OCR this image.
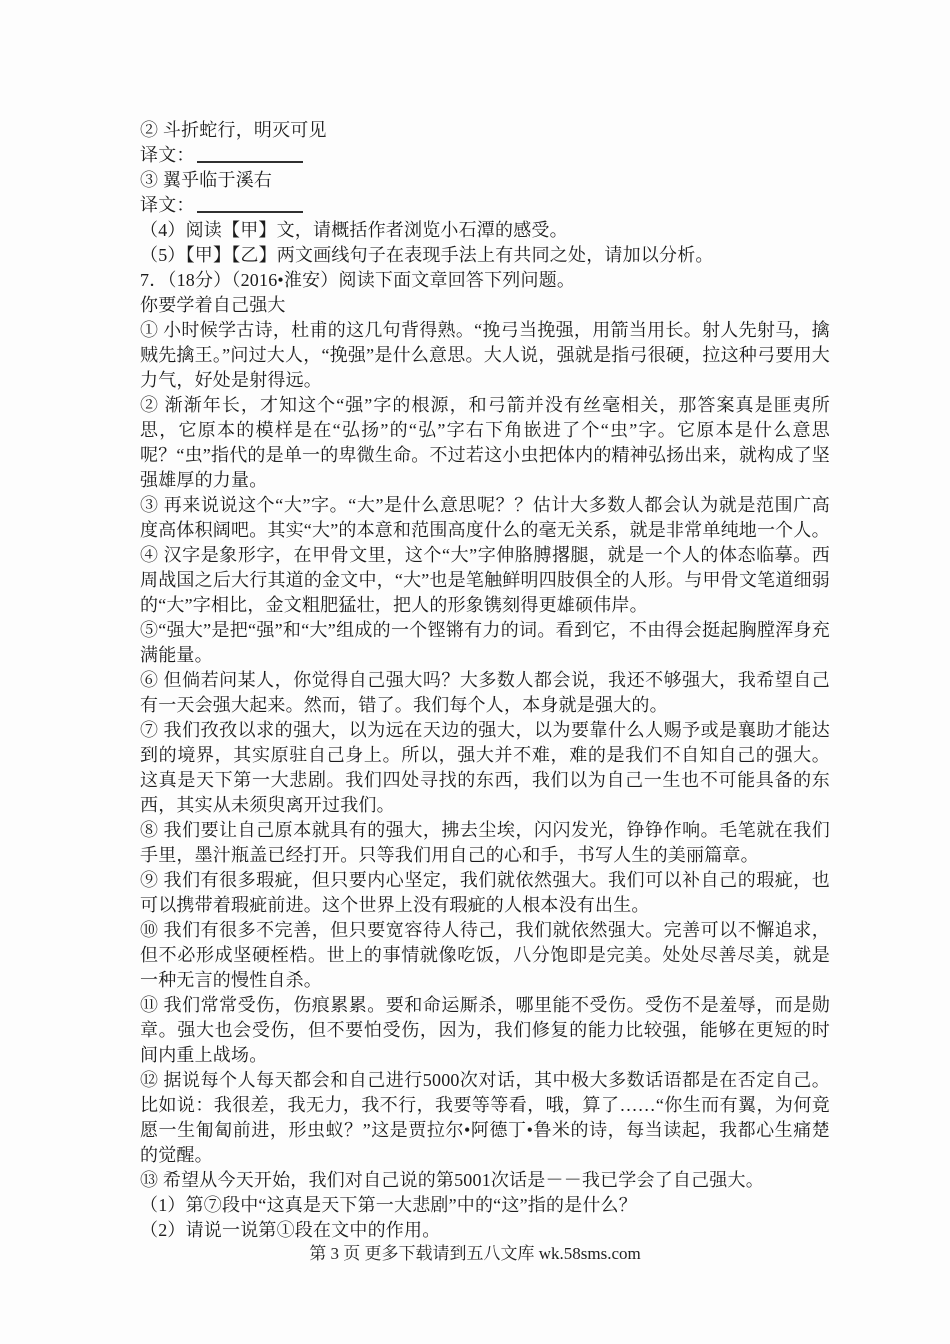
② 斗折蛇行，明灭可见

译文：

③ 翼乎临于溪右

译文：

（4）阅读【甲】文，请概括作者浏览小石潭的感受。

（5）【甲】【乙】两文画线句子在表现手法上有共同之处，请加以分析。

7．（18分）（2016•淮安）阅读下面文章回答下列问题。

你要学着自己强大

① 小时候学古诗，杜甫的这几句背得熟。“挽弓当挽强，用箭当用长。射人先射马，擒贼先擒王。”问过大人，“挽强”是什么意思。大人说，强就是指弓很硬，拉这种弓要用大力气，好处是射得远。

② 渐渐年长，才知这个“强”字的根源，和弓箭并没有丝毫相关，那答案真是匪夷所思，它原本的模样是在“弘扬”的“弘”字右下角嵌进了个“虫”字。它原本是什么意思呢？“虫”指代的是单一的卑微生命。不过若这小虫把体内的精神弘扬出来，就构成了坚强雄厚的力量。

③ 再来说说这个“大”字。“大”是什么意思呢？？估计大多数人都会认为就是范围广高度高体积阔吧。其实“大”的本意和范围高度什么的毫无关系，就是非常单纯地一个人。

④ 汉字是象形字，在甲骨文里，这个“大”字伸胳膊撂腿，就是一个人的体态临摹。西周战国之后大行其道的金文中，“大”也是笔触鲜明四肢俱全的人形。与甲骨文笔道细弱的“大”字相比，金文粗肥猛壮，把人的形象镌刻得更雄硕伟岸。

⑤“强大”是把“强”和“大”组成的一个铿锵有力的词。看到它，不由得会挺起胸膛浑身充满能量。

⑥ 但倘若问某人，你觉得自己强大吗？大多数人都会说，我还不够强大，我希望自己有一天会强大起来。然而，错了。我们每个人，本身就是强大的。

⑦ 我们孜孜以求的强大，以为远在天边的强大，以为要靠什么人赐予或是襄助才能达到的境界，其实原驻自己身上。所以，强大并不难，难的是我们不自知自己的强大。这真是天下第一大悲剧。我们四处寻找的东西，我们以为自己一生也不可能具备的东西，其实从未须臾离开过我们。

⑧ 我们要让自己原本就具有的强大，拂去尘埃，闪闪发光，铮铮作响。毛笔就在我们手里，墨汁瓶盖已经打开。只等我们用自己的心和手，书写人生的美丽篇章。

⑨ 我们有很多瑕疵，但只要内心坚定，我们就依然强大。我们可以补自己的瑕疵，也可以携带着瑕疵前进。这个世界上没有瑕疵的人根本没有出生。

⑩ 我们有很多不完善，但只要宽容待人待己，我们就依然强大。完善可以不懈追求，但不必形成坚硬桎梏。世上的事情就像吃饭，八分饱即是完美。处处尽善尽美，就是一种无言的慢性自杀。

⑪ 我们常常受伤，伤痕累累。要和命运厮杀，哪里能不受伤。受伤不是羞辱，而是勋章。强大也会受伤，但不要怕受伤，因为，我们修复的能力比较强，能够在更短的时间内重上战场。

⑫ 据说每个人每天都会和自己进行5000次对话，其中极大多数话语都是在否定自己。比如说：我很差，我无力，我不行，我要等等看，哦，算了……“你生而有翼，为何竟愿一生匍匐前进，形虫蚁？”这是贾拉尔•阿德丁•鲁米的诗，每当读起，我都心生痛楚的觉醒。

⑬ 希望从今天开始，我们对自己说的第5001次话是－－我已学会了自己强大。

（1）第⑦段中“这真是天下第一大悲剧”中的“这”指的是什么？

（2）请说一说第①段在文中的作用。

第 3 页 更多下载请到五八文库 wk.58sms.com
